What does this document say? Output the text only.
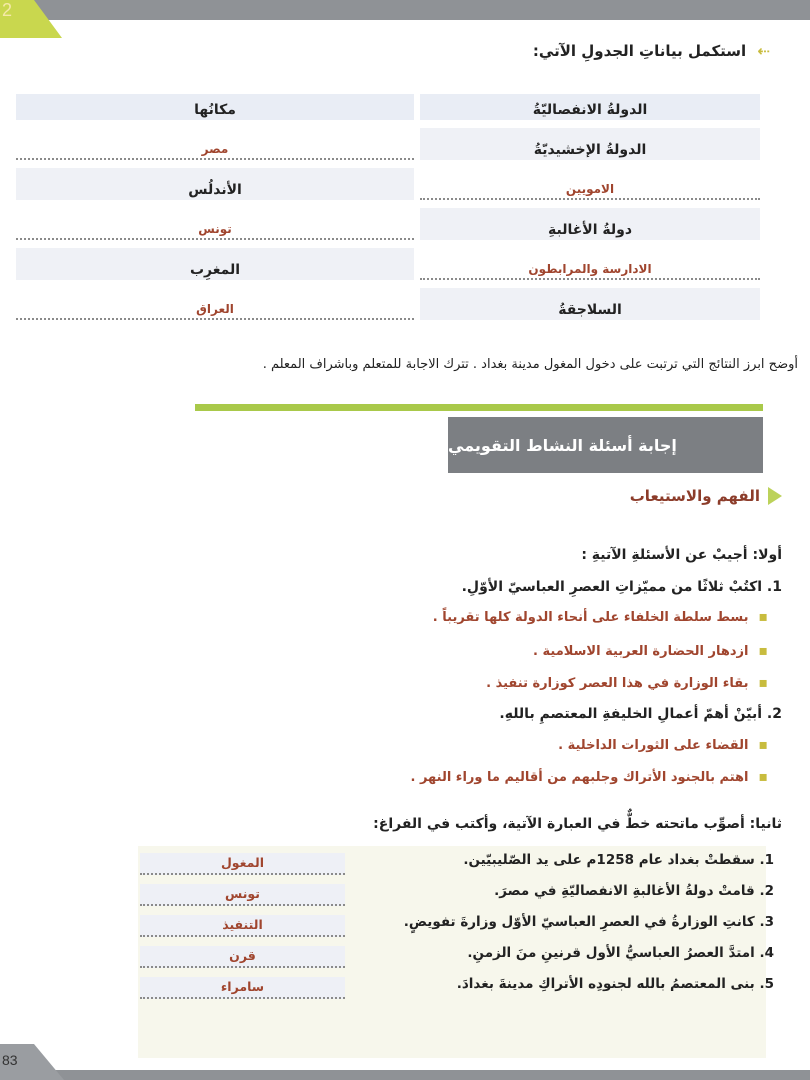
2
⇠ استكمل بياناتِ الجدولِ الآتي:
الدولةُ الانفصاليّةُ	مكانُها
الدولةُ الإخشيديّةُ	مصر
الامويين	الأندلُس
دولةُ الأغالبةِ	تونس
الادارسة والمرابطون	المغرِب
السلاجقةُ	العراق
أوضح ابرز النتائج التي ترتبت على دخول المغول مدينة بغداد . تترك الاجابة للمتعلم وباشراف المعلم .
إجابة أسئلة النشاط التقويمي
الفهم والاستيعاب
أولا: أجيبْ عن الأسئلةِ الآتيةِ :
1. اكتُبْ ثلاثًا من مميّزاتِ العصرِ العباسيّ الأوّلِ.
▪بسط سلطة الخلفاء على أنحاء الدولة كلها تقريباً .
▪ازدهار الحضارة العربية الاسلامية .
▪بقاء الوزارة في هذا العصر كوزارة تنفيذ .
2. أبيّنْ أهمّ أعمالِ الخليفةِ المعتصمِ باللهِ.
▪القضاء على الثورات الداخلية .
▪اهتم بالجنود الأتراك وجلبهم من أقاليم ما وراء النهر .
ثانيا: أصوِّب ماتحته خطٌّ في العبارة الآتية، وأكتب في الفراغ:
1. سقطتْ بغداد عام 1258م على يد الصّليبيّين.
المغول
2. قامتْ دولةُ الأغالبةِ الانفصاليّةِ في مصرَ.
تونس
3. كانتِ الوزارةُ في العصرِ العباسيّ الأوّل وزارةَ تفويضٍ.
التنفيذ
4. امتدَّ العصرُ العباسيُّ الأول قرنينِ منَ الزمنِ.
قرن
5. بنى المعتصمُ بالله لجنودِه الأتراكِ مدينةَ بغدادَ.
سامراء
83
